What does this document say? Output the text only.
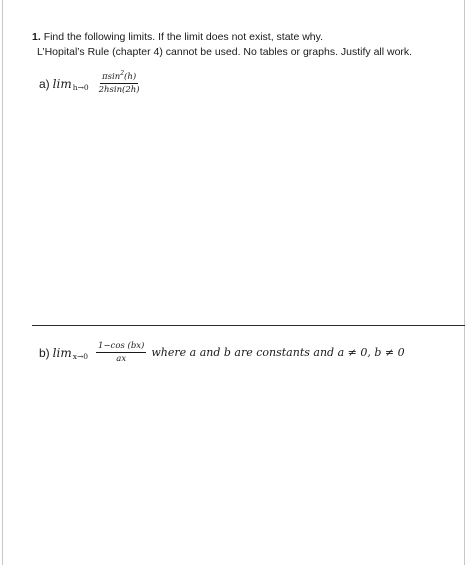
1. Find the following limits. If the limit does not exist, state why.
L’Hopital’s Rule (chapter 4) cannot be used. No tables or graphs. Justify all work.
a) $\lim h\to 0 \frac{\pi\sin^2(h)}{2hsin(2h)}$
b) $\lim x\to 0 \frac{1-\cos (bx)}{ax}$ where a and b are constants and a ≠ 0, b ≠ 0
